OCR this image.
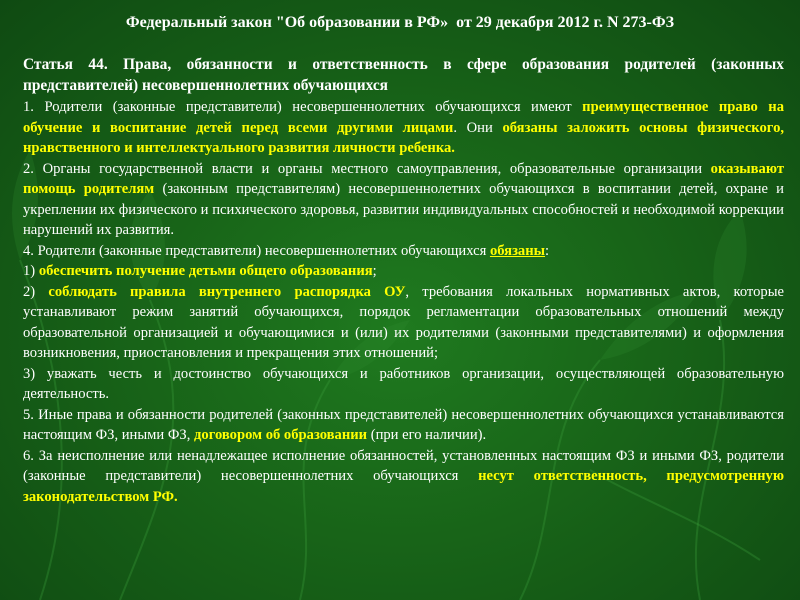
Федеральный закон "Об образовании в РФ»  от 29 декабря 2012 г. N 273-ФЗ

Статья 44. Права, обязанности и ответственность в сфере образования родителей (законных представителей) несовершеннолетних обучающихся

1. Родители (законные представители) несовершеннолетних обучающихся имеют преимущественное право на обучение и воспитание детей перед всеми другими лицами. Они обязаны заложить основы физического, нравственного и интеллектуального развития личности ребенка.

2. Органы государственной власти и органы местного самоуправления, образовательные организации оказывают помощь родителям (законным представителям) несовершеннолетних обучающихся в воспитании детей, охране и укреплении их физического и психического здоровья, развитии индивидуальных способностей и необходимой коррекции нарушений их развития.

4. Родители (законные представители) несовершеннолетних обучающихся обязаны:

1) обеспечить получение детьми общего образования;

2) соблюдать правила внутреннего распорядка ОУ, требования локальных нормативных актов, которые устанавливают режим занятий обучающихся, порядок регламентации образовательных отношений между образовательной организацией и обучающимися и (или) их родителями (законными представителями) и оформления возникновения, приостановления и прекращения этих отношений;

3) уважать честь и достоинство обучающихся и работников организации, осуществляющей образовательную деятельность.

5. Иные права и обязанности родителей (законных представителей) несовершеннолетних обучающихся устанавливаются настоящим ФЗ, иными ФЗ, договором об образовании (при его наличии).

6. За неисполнение или ненадлежащее исполнение обязанностей, установленных настоящим ФЗ и иными ФЗ, родители (законные представители) несовершеннолетних обучающихся несут ответственность, предусмотренную законодательством РФ.
